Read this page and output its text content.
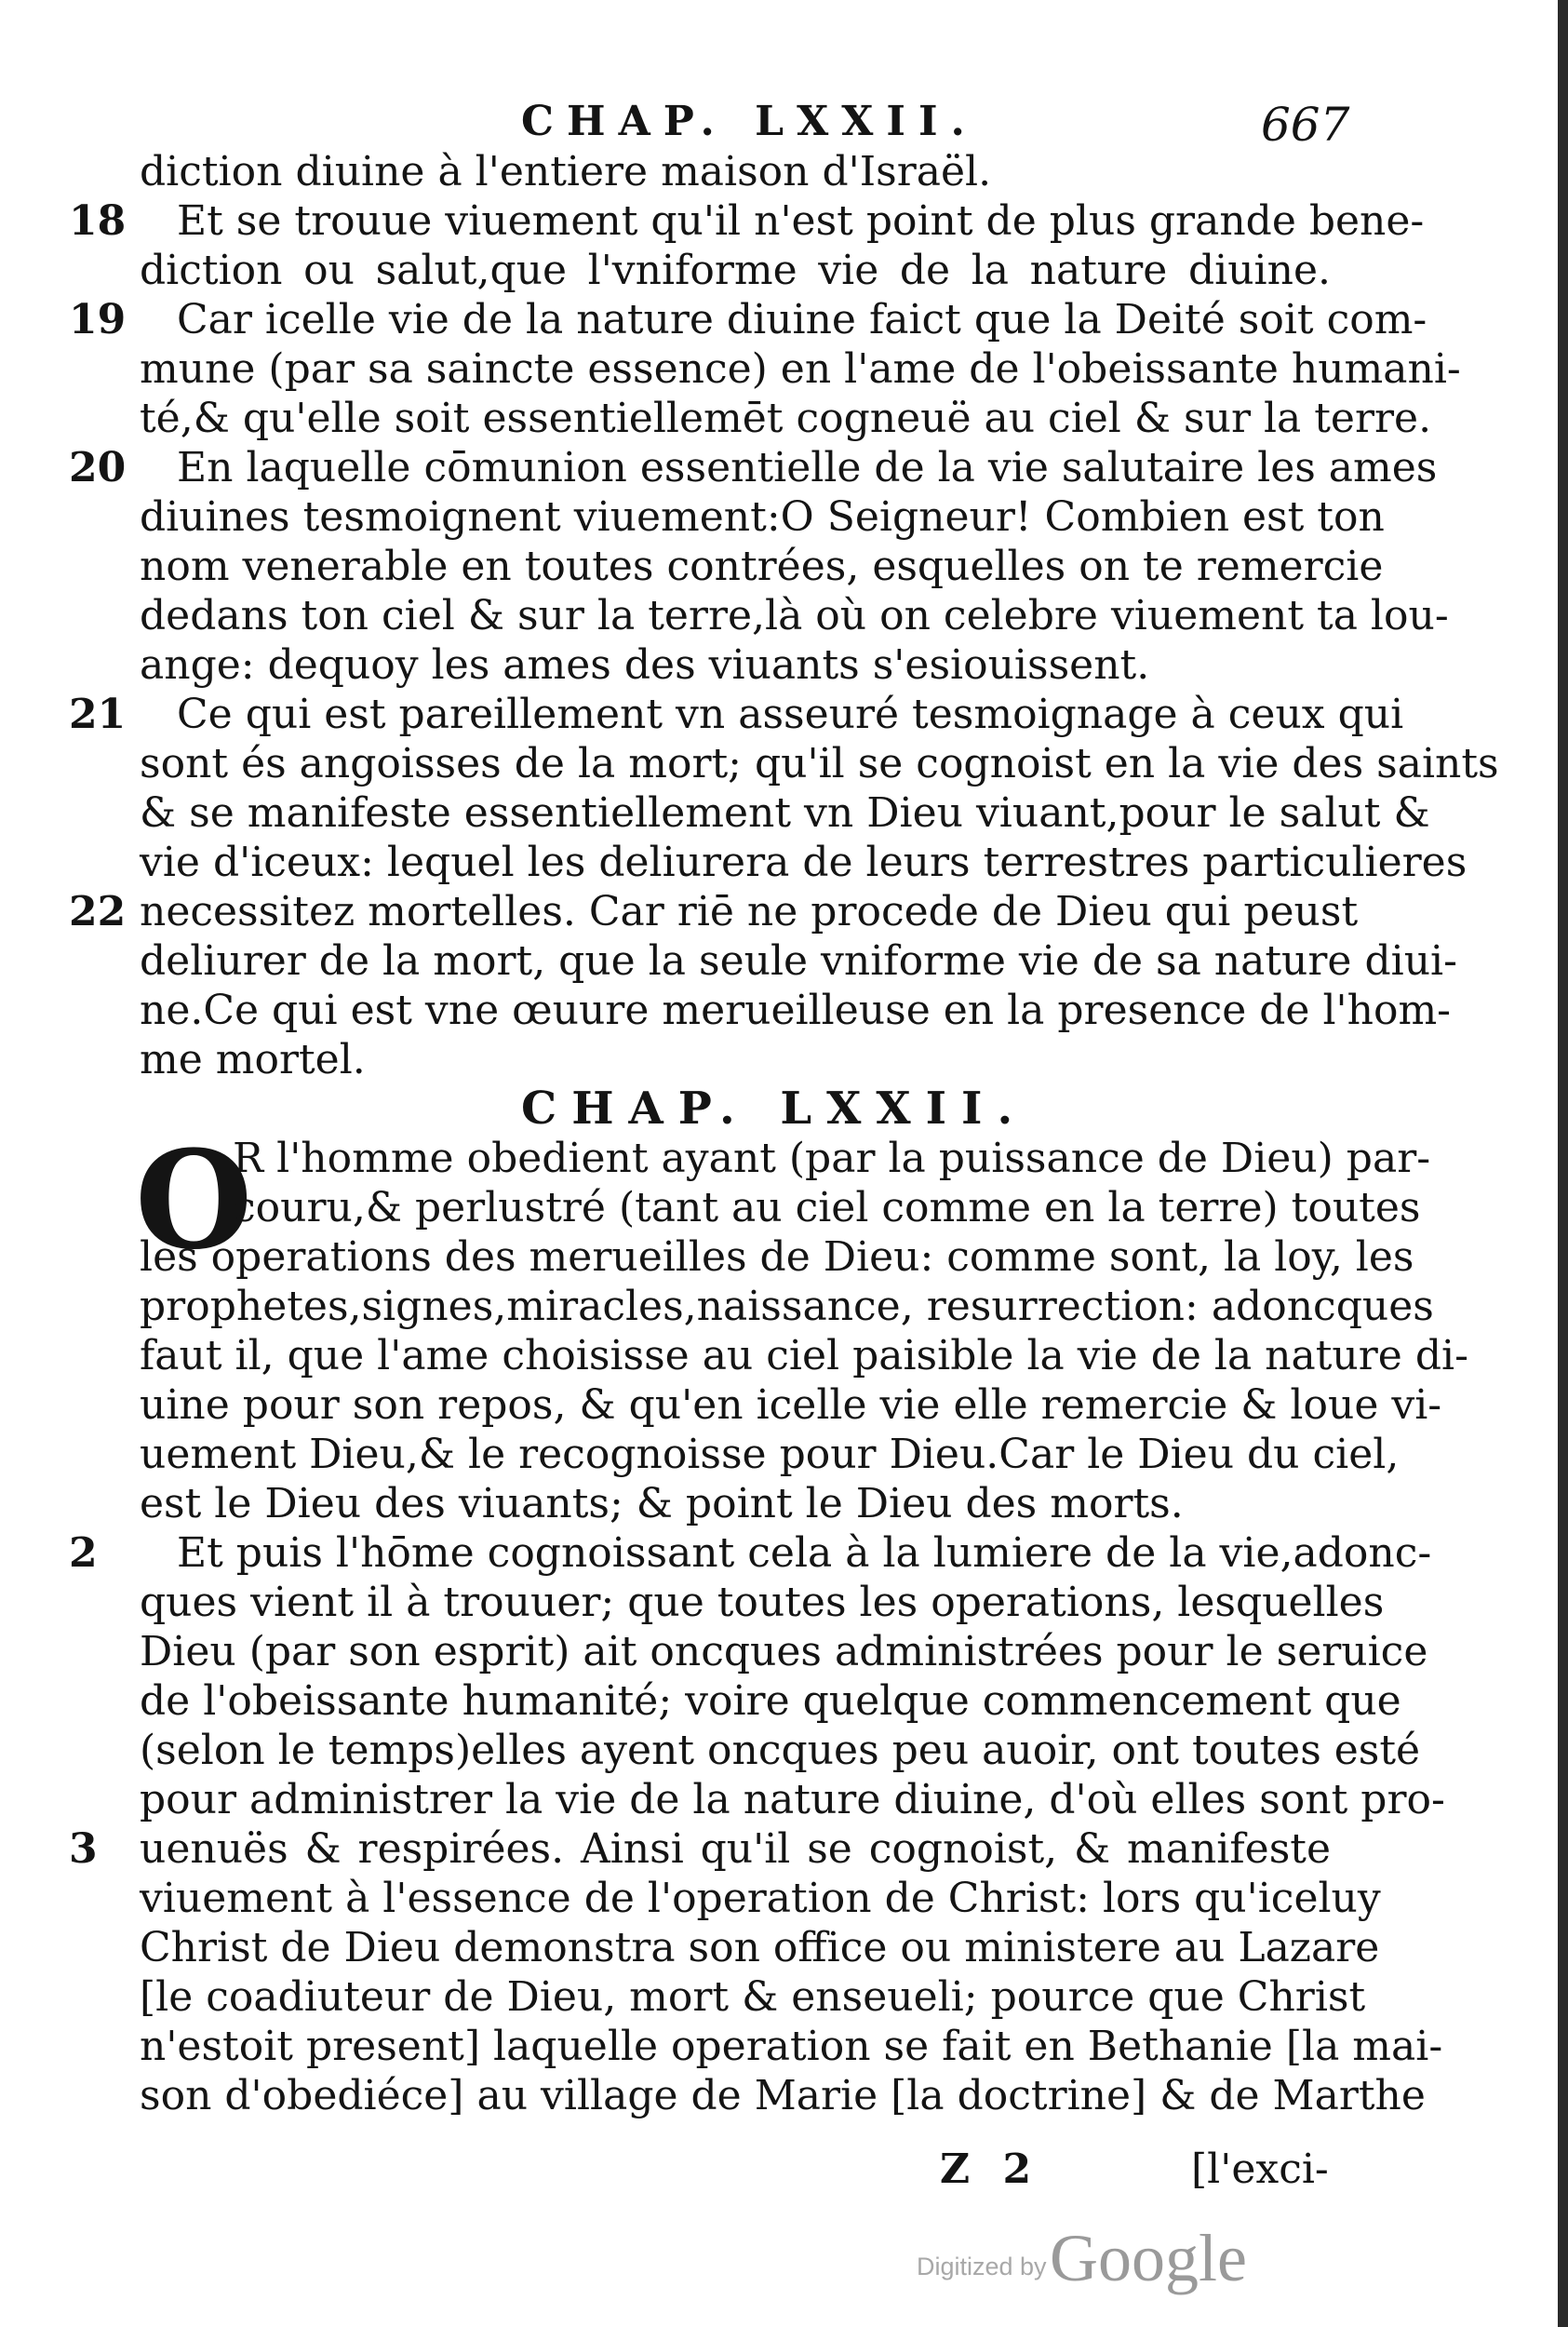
CHAP. LXXII.	667
diction diuine à l'entiere maison d'Israël.
18 Et se trouue viuement qu'il n'est point de plus grande bene-
diction ou salut,que l'vniforme vie de la nature diuine.
19 Car icelle vie de la nature diuine faict que la Deité soit com-
mune (par sa saincte essence) en l'ame de l'obeissante humani-
té,& qu'elle soit essentiellemēt cogneuë au ciel & sur la terre.
20 En laquelle cōmunion essentielle de la vie salutaire les ames
diuines tesmoignent viuement:O Seigneur! Combien est ton
nom venerable en toutes contrées, esquelles on te remercie
dedans ton ciel & sur la terre,là où on celebre viuement ta lou-
ange: dequoy les ames des viuants s'esiouissent.
21 Ce qui est pareillement vn asseuré tesmoignage à ceux qui
sont és angoisses de la mort; qu'il se cognoist en la vie des saints
& se manifeste essentiellement vn Dieu viuant,pour le salut &
vie d'iceux: lequel les deliurera de leurs terrestres particulieres
22 necessitez mortelles. Car riē ne procede de Dieu qui peust
deliurer de la mort, que la seule vniforme vie de sa nature diui-
ne.Ce qui est vne œuure merueilleuse en la presence de l'hom-
me mortel.
CHAP. LXXII.
O
R l'homme obedient ayant (par la puissance de Dieu) par-
couru,& perlustré (tant au ciel comme en la terre) toutes
les operations des merueilles de Dieu: comme sont, la loy, les
prophetes,signes,miracles,naissance, resurrection: adoncques
faut il, que l'ame choisisse au ciel paisible la vie de la nature di-
uine pour son repos, & qu'en icelle vie elle remercie & loue vi-
uement Dieu,& le recognoisse pour Dieu.Car le Dieu du ciel,
est le Dieu des viuants; & point le Dieu des morts.
2	Et puis l'hōme cognoissant cela à la lumiere de la vie,adonc-
ques vient il à trouuer; que toutes les operations, lesquelles
Dieu (par son esprit) ait oncques administrées pour le seruice
de l'obeissante humanité; voire quelque commencement que
(selon le temps)elles ayent oncques peu auoir, ont toutes esté
pour administrer la vie de la nature diuine, d'où elles sont pro-
3	uenuës & respirées. Ainsi qu'il se cognoist, & manifeste
viuement à l'essence de l'operation de Christ: lors qu'iceluy
Christ de Dieu demonstra son office ou ministere au Lazare
[le coadiuteur de Dieu, mort & enseueli; pource que Christ
n'estoit present] laquelle operation se fait en Bethanie [la mai-
son d'obediéce] au village de Marie [la doctrine] & de Marthe
Z 2	[l'exci-
Digitized by Google
